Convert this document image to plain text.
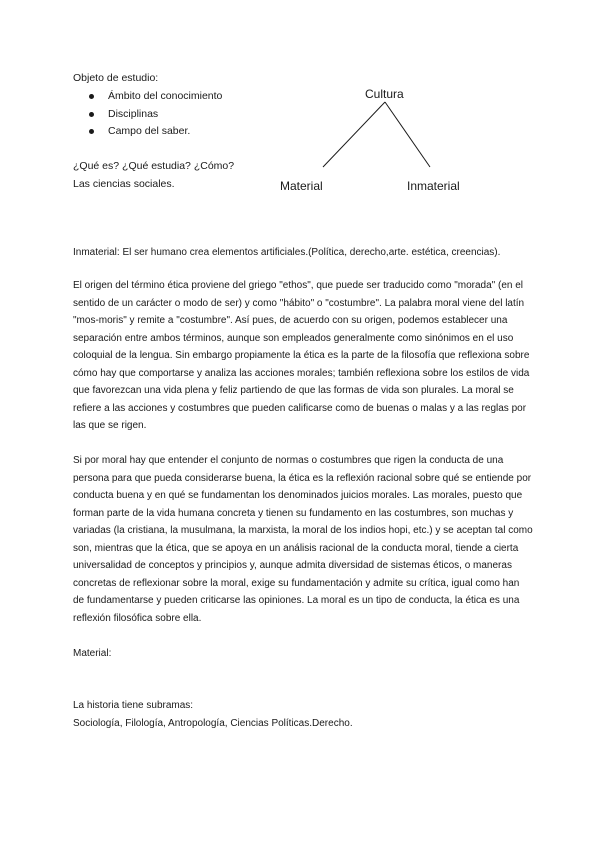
Objeto de estudio:
Ámbito del conocimiento
Disciplinas
Campo del saber.
¿Qué es? ¿Qué estudia? ¿Cómo?
Las ciencias sociales.
Cultura
Material	Inmaterial

Inmaterial: El ser humano crea elementos artificiales.(Política, derecho,arte. estética, creencias).

El origen del término ética proviene del griego "ethos", que puede ser traducido como "morada" (en el sentido de un carácter o modo de ser) y como "hábito" o "costumbre". La palabra moral viene del latín "mos-moris" y remite a "costumbre". Así pues, de acuerdo con su origen, podemos establecer una separación entre ambos términos, aunque son empleados generalmente como sinónimos en el uso coloquial de la lengua. Sin embargo propiamente la ética es la parte de la filosofía que reflexiona sobre cómo hay que comportarse y analiza las acciones morales; también reflexiona sobre los estilos de vida que favorezcan una vida plena y feliz partiendo de que las formas de vida son plurales. La moral se refiere a las acciones y costumbres que pueden calificarse como de buenas o malas y a las reglas por las que se rigen.

Si por moral hay que entender el conjunto de normas o costumbres que rigen la conducta de una persona para que pueda considerarse buena, la ética es la reflexión racional sobre qué se entiende por conducta buena y en qué se fundamentan los denominados juicios morales. Las morales, puesto que forman parte de la vida humana concreta y tienen su fundamento en las costumbres, son muchas y variadas (la cristiana, la musulmana, la marxista, la moral de los indios hopi, etc.) y se aceptan tal como son, mientras que la ética, que se apoya en un análisis racional de la conducta moral, tiende a cierta universalidad de conceptos y principios y, aunque admita diversidad de sistemas éticos, o maneras concretas de reflexionar sobre la moral, exige su fundamentación y admite su crítica, igual como han de fundamentarse y pueden criticarse las opiniones. La moral es un tipo de conducta, la ética es una reflexión filosófica sobre ella.

Material:

La historia tiene subramas:

Sociología, Filología, Antropología, Ciencias Políticas.Derecho.
